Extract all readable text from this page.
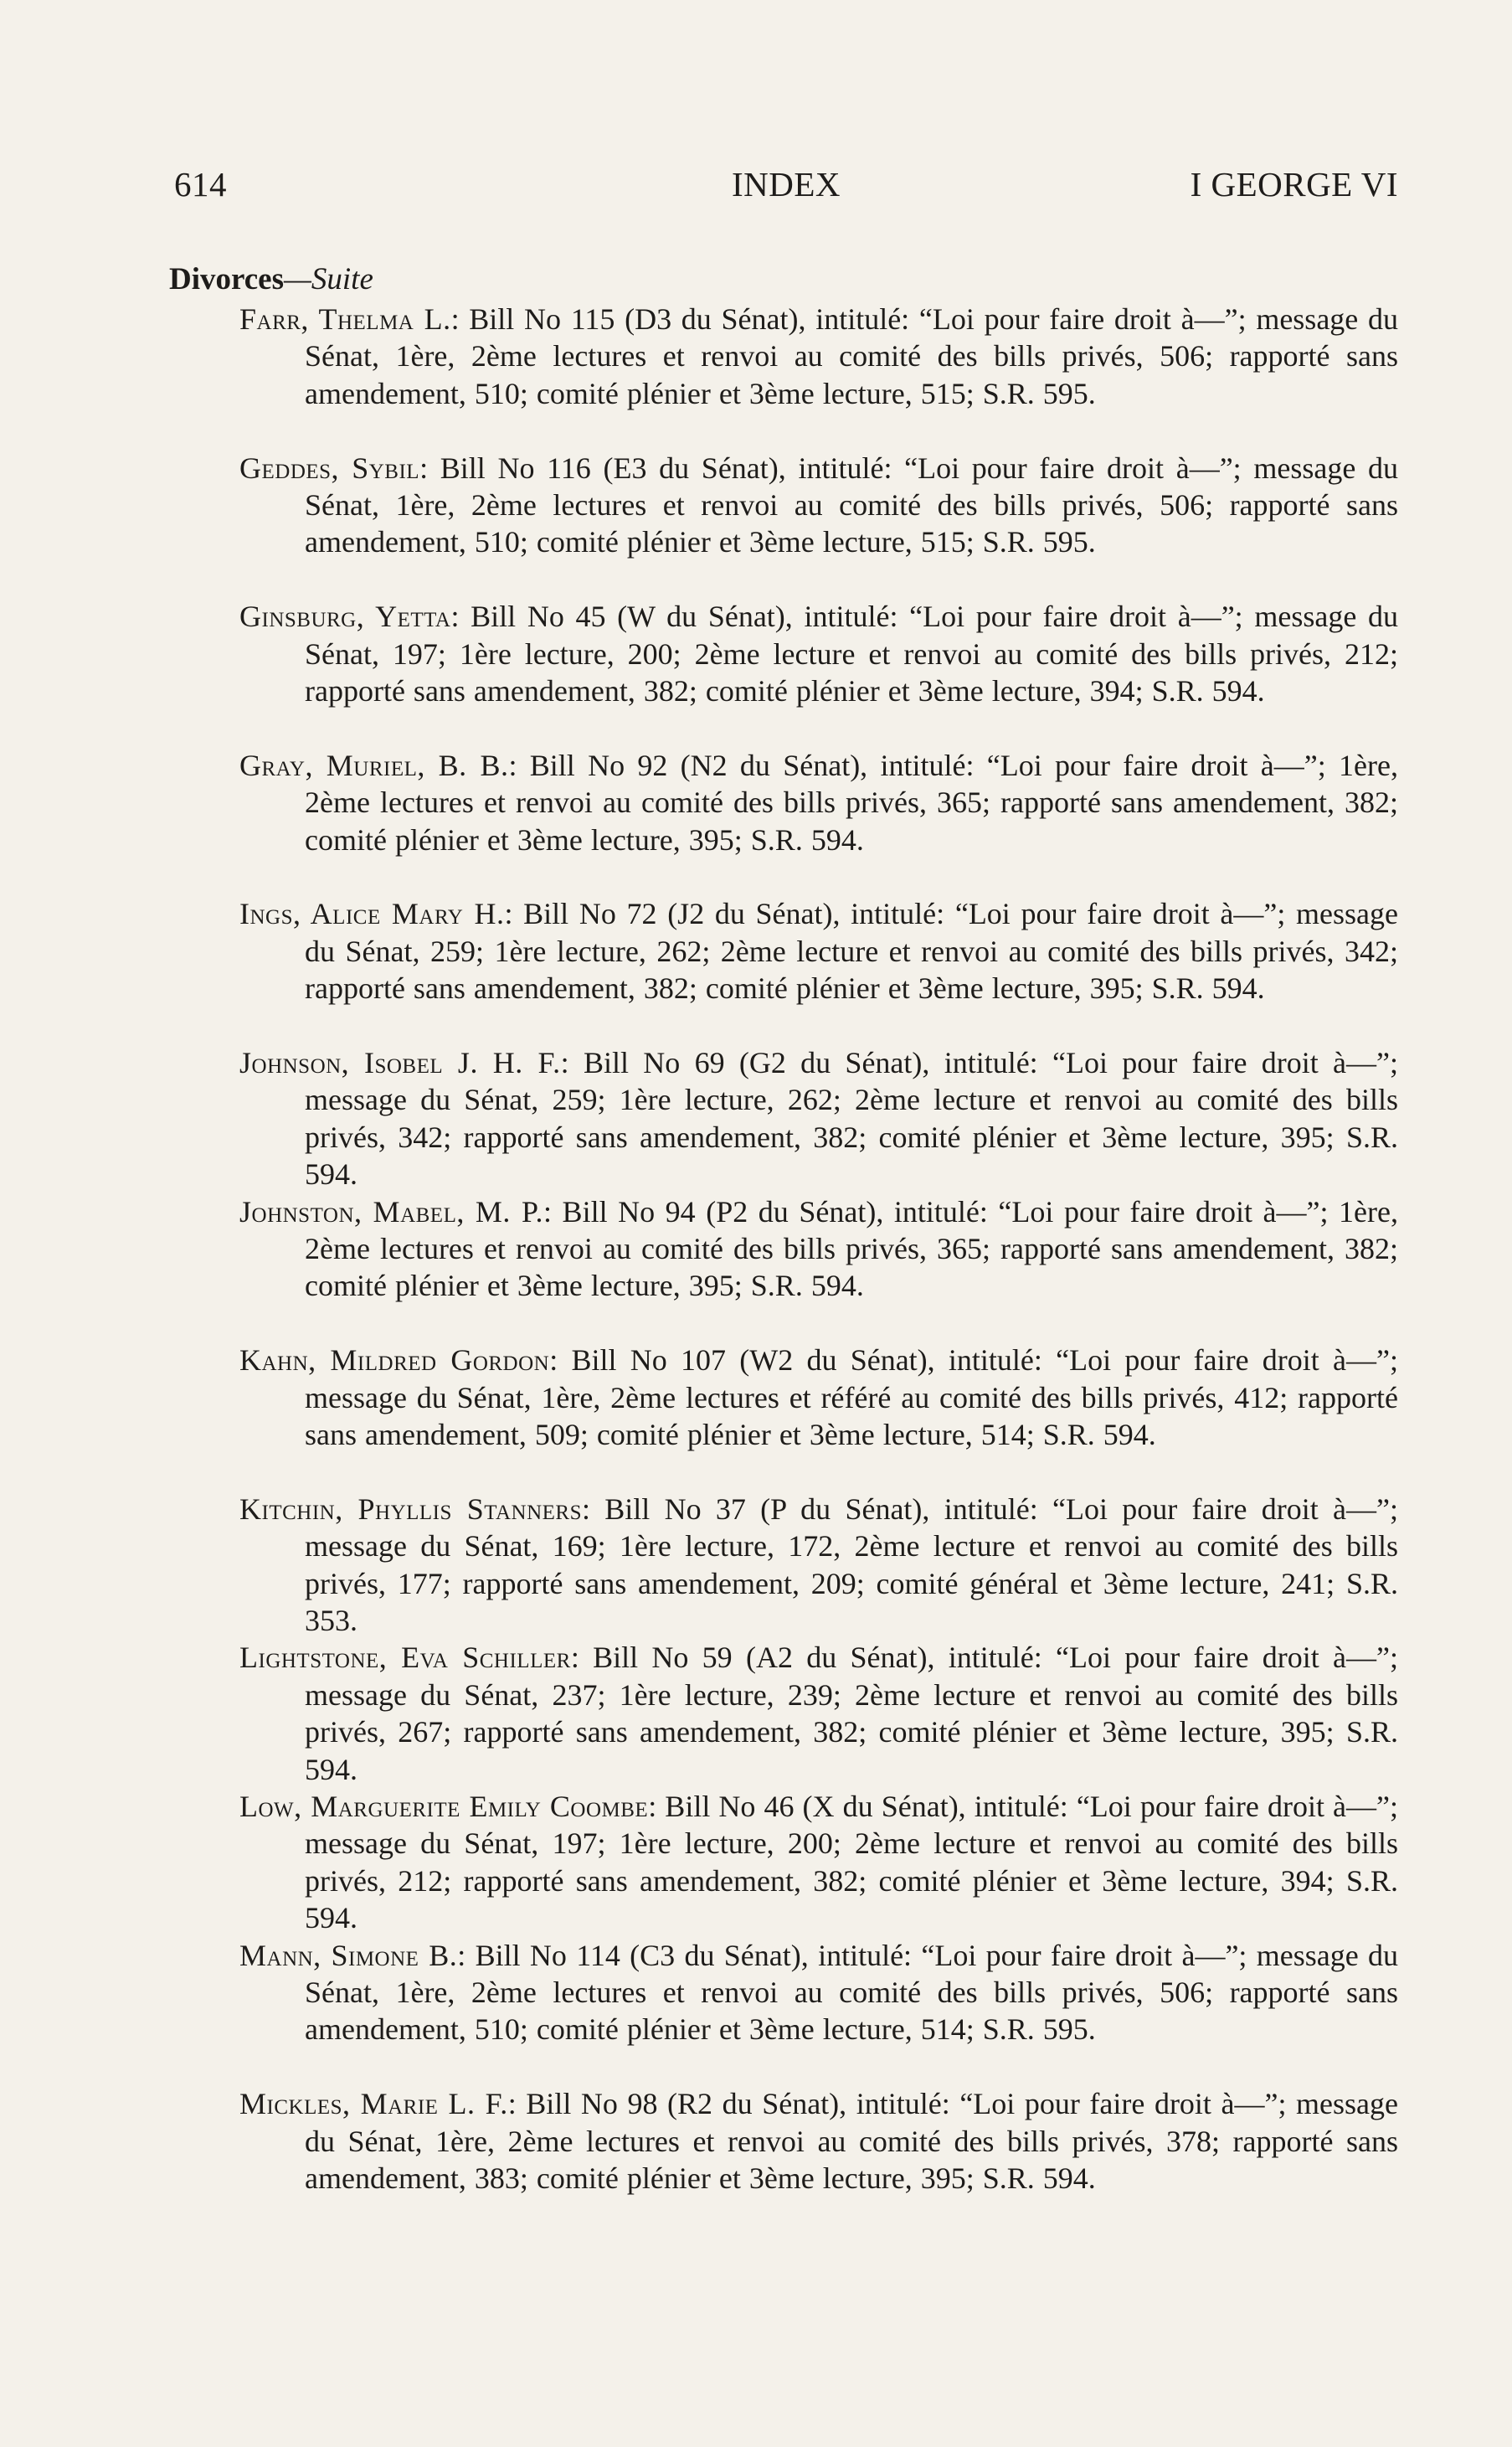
614	INDEX	I GEORGE VI
Divorces—Suite

Farr, Thelma L.: Bill No 115 (D3 du Sénat), intitulé: “Loi pour faire droit à—”; message du Sénat, 1ère, 2ème lectures et renvoi au comité des bills privés, 506; rapporté sans amendement, 510; comité plénier et 3ème lecture, 515; S.R. 595.

Geddes, Sybil: Bill No 116 (E3 du Sénat), intitulé: “Loi pour faire droit à—”; message du Sénat, 1ère, 2ème lectures et renvoi au comité des bills privés, 506; rapporté sans amendement, 510; comité plénier et 3ème lecture, 515; S.R. 595.

Ginsburg, Yetta: Bill No 45 (W du Sénat), intitulé: “Loi pour faire droit à—”; message du Sénat, 197; 1ère lecture, 200; 2ème lecture et renvoi au comité des bills privés, 212; rapporté sans amendement, 382; comité plénier et 3ème lecture, 394; S.R. 594.

Gray, Muriel, B. B.: Bill No 92 (N2 du Sénat), intitulé: “Loi pour faire droit à—”; 1ère, 2ème lectures et renvoi au comité des bills privés, 365; rapporté sans amendement, 382; comité plénier et 3ème lecture, 395; S.R. 594.

Ings, Alice Mary H.: Bill No 72 (J2 du Sénat), intitulé: “Loi pour faire droit à—”; message du Sénat, 259; 1ère lecture, 262; 2ème lecture et renvoi au comité des bills privés, 342; rapporté sans amendement, 382; comité plénier et 3ème lecture, 395; S.R. 594.

Johnson, Isobel J. H. F.: Bill No 69 (G2 du Sénat), intitulé: “Loi pour faire droit à—”; message du Sénat, 259; 1ère lecture, 262; 2ème lecture et renvoi au comité des bills privés, 342; rapporté sans amendement, 382; comité plénier et 3ème lecture, 395; S.R. 594.

Johnston, Mabel, M. P.: Bill No 94 (P2 du Sénat), intitulé: “Loi pour faire droit à—”; 1ère, 2ème lectures et renvoi au comité des bills privés, 365; rapporté sans amendement, 382; comité plénier et 3ème lecture, 395; S.R. 594.

Kahn, Mildred Gordon: Bill No 107 (W2 du Sénat), intitulé: “Loi pour faire droit à—”; message du Sénat, 1ère, 2ème lectures et référé au comité des bills privés, 412; rapporté sans amendement, 509; comité plénier et 3ème lecture, 514; S.R. 594.

Kitchin, Phyllis Stanners: Bill No 37 (P du Sénat), intitulé: “Loi pour faire droit à—”; message du Sénat, 169; 1ère lecture, 172, 2ème lecture et renvoi au comité des bills privés, 177; rapporté sans amendement, 209; comité général et 3ème lecture, 241; S.R. 353.

Lightstone, Eva Schiller: Bill No 59 (A2 du Sénat), intitulé: “Loi pour faire droit à—”; message du Sénat, 237; 1ère lecture, 239; 2ème lecture et renvoi au comité des bills privés, 267; rapporté sans amendement, 382; comité plénier et 3ème lecture, 395; S.R. 594.

Low, Marguerite Emily Coombe: Bill No 46 (X du Sénat), intitulé: “Loi pour faire droit à—”; message du Sénat, 197; 1ère lecture, 200; 2ème lecture et renvoi au comité des bills privés, 212; rapporté sans amendement, 382; comité plénier et 3ème lecture, 394; S.R. 594.

Mann, Simone B.: Bill No 114 (C3 du Sénat), intitulé: “Loi pour faire droit à—”; message du Sénat, 1ère, 2ème lectures et renvoi au comité des bills privés, 506; rapporté sans amendement, 510; comité plénier et 3ème lecture, 514; S.R. 595.

Mickles, Marie L. F.: Bill No 98 (R2 du Sénat), intitulé: “Loi pour faire droit à—”; message du Sénat, 1ère, 2ème lectures et renvoi au comité des bills privés, 378; rapporté sans amendement, 383; comité plénier et 3ème lecture, 395; S.R. 594.
